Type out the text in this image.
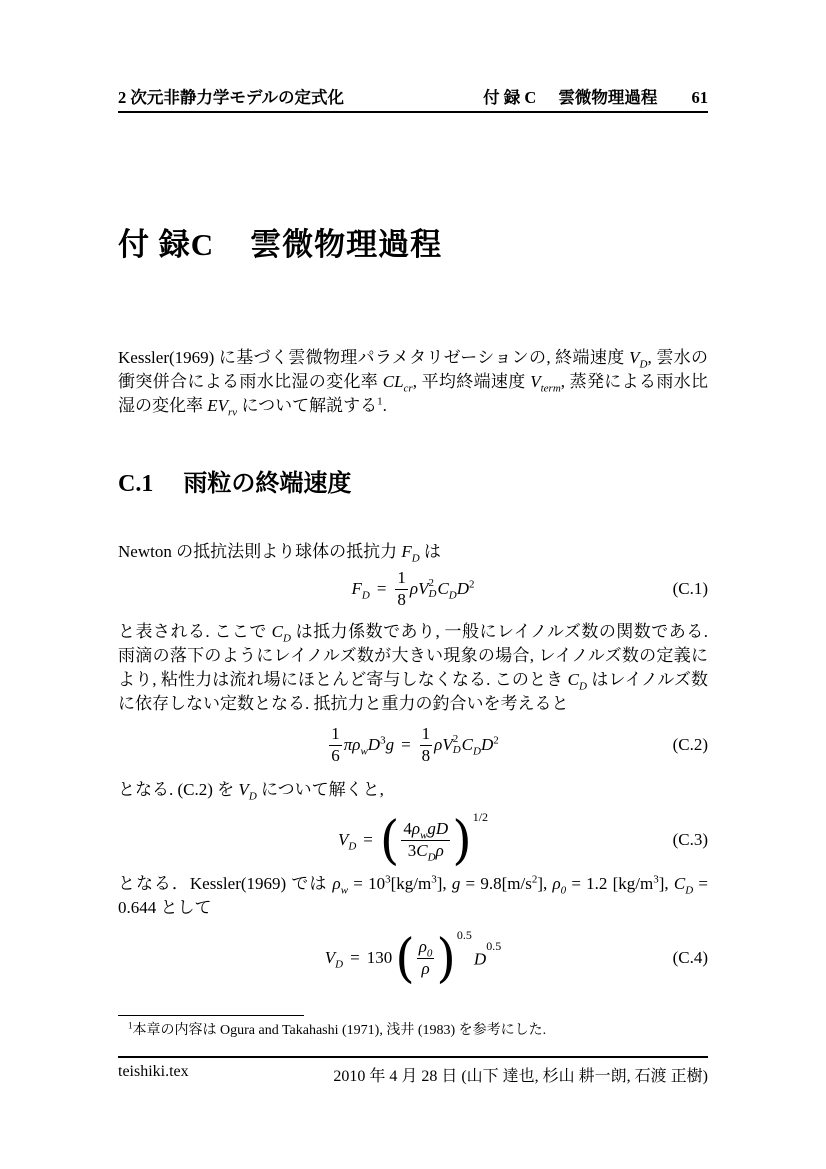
2 次元非静力学モデルの定式化	付 録 C 雲微物理過程 61
付 録C 雲微物理過程

Kessler(1969) に基づく雲微物理パラメタリゼーションの, 終端速度 $V_D$, 雲水の衝突併合による雨水比湿の変化率 $CL_{cr}$, 平均終端速度 $V_{term}$, 蒸発による雨水比湿の変化率 $EV_{rv}$ について解説する$^1$.

C.1 雨粒の終端速度

Newton の抵抗法則より球体の抵抗力 $F_D$ は

$F_D = \frac{1}{8}$ ρ V 2
D $C_D$ $D^2$	(C.1)

と表される. ここで $C_D$ は抵力係数であり, 一般にレイノルズ数の関数である. 雨滴の落下のようにレイノルズ数が大きい現象の場合, レイノルズ数の定義により, 粘性力は流れ場にほとんど寄与しなくなる. このとき $C_D$ はレイノルズ数に依存しない定数となる. 抵抗力と重力の釣合いを考えると

$\frac{1}{6}$ π $\rho_w$ $D^3$ $g = \frac{1}{8}$ ρ V 2
D $C_D$ $D^2$	(C.2)

となる. (C.2) を $V_D$ について解くと,

$V_D$ = ( $\frac{4\rho_wgD}{3C_D\rho} )^{1/2}$
(C.3)

となる．Kessler(1969) では $\rho_w = 10^3[kg/m^3]$, $g = 9.8[m/s^2]$, $\rho_0 = 1.2$ $[kg/m^3]$, $C_D = 0.644$ として

$V_D = 130$ ( $\frac{\rho_0}{\rho} )^{0.5}$
$D^{0.5}$
(C.4)

$^1$本章の内容は Ogura and Takahashi (1971), 浅井 (1983) を参考にした.

teishiki.tex	2010 年 4 月 28 日 (山下 達也, 杉山 耕一朗, 石渡 正樹)
